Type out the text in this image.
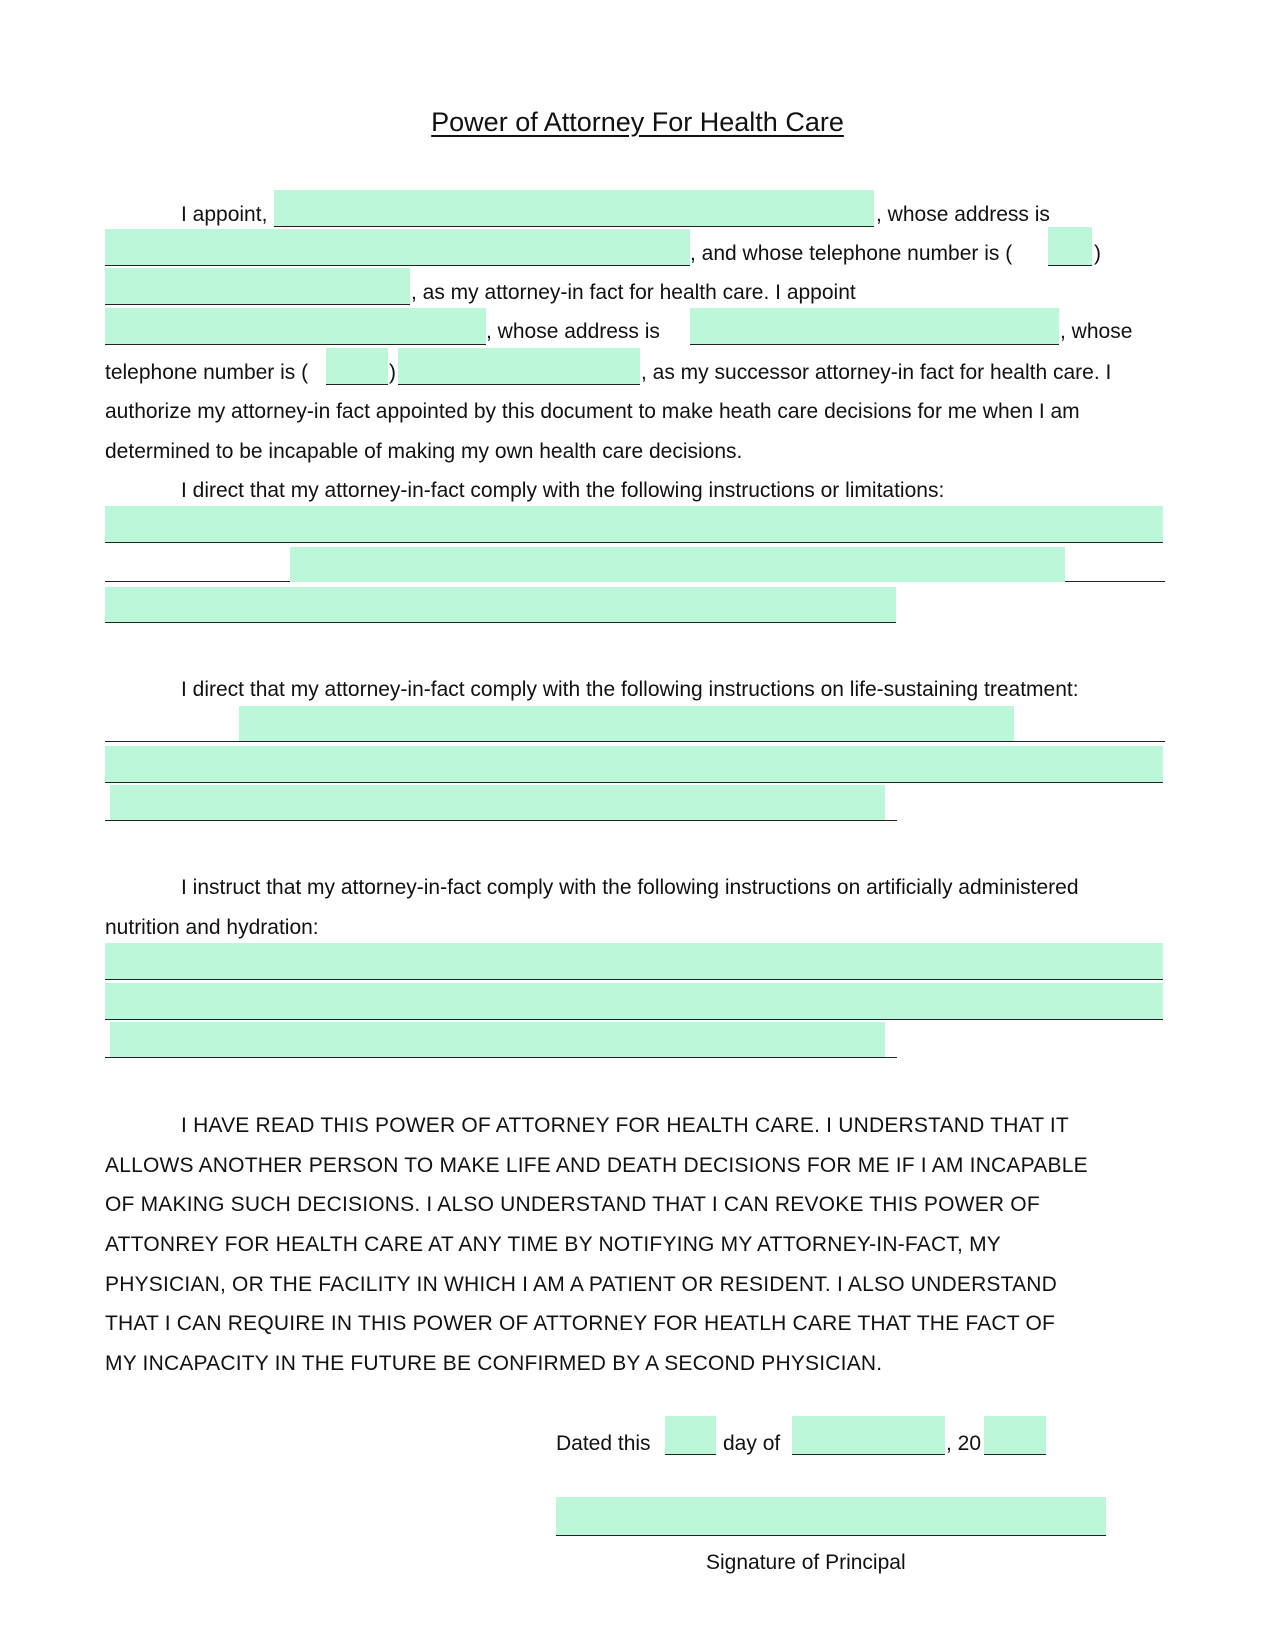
Power of Attorney For Health Care
I appoint,	, whose address is
, and whose telephone number is (	)
, as my attorney-in fact for health care. I appoint
, whose address is	, whose
telephone number is (	)	, as my successor attorney-in fact for health care. I
authorize my attorney-in fact appointed by this document to make heath care decisions for me when I am
determined to be incapable of making my own health care decisions.
I direct that my attorney-in-fact comply with the following instructions or limitations:
I direct that my attorney-in-fact comply with the following instructions on life-sustaining treatment:
I instruct that my attorney-in-fact comply with the following instructions on artificially administered
nutrition and hydration:
I HAVE READ THIS POWER OF ATTORNEY FOR HEALTH CARE. I UNDERSTAND THAT IT
ALLOWS ANOTHER PERSON TO MAKE LIFE AND DEATH DECISIONS FOR ME IF I AM INCAPABLE
OF MAKING SUCH DECISIONS. I ALSO UNDERSTAND THAT I CAN REVOKE THIS POWER OF
ATTONREY FOR HEALTH CARE AT ANY TIME BY NOTIFYING MY ATTORNEY-IN-FACT, MY
PHYSICIAN, OR THE FACILITY IN WHICH I AM A PATIENT OR RESIDENT. I ALSO UNDERSTAND
THAT I CAN REQUIRE IN THIS POWER OF ATTORNEY FOR HEATLH CARE THAT THE FACT OF
MY INCAPACITY IN THE FUTURE BE CONFIRMED BY A SECOND PHYSICIAN.
Dated this	day of	, 20
Signature of Principal
